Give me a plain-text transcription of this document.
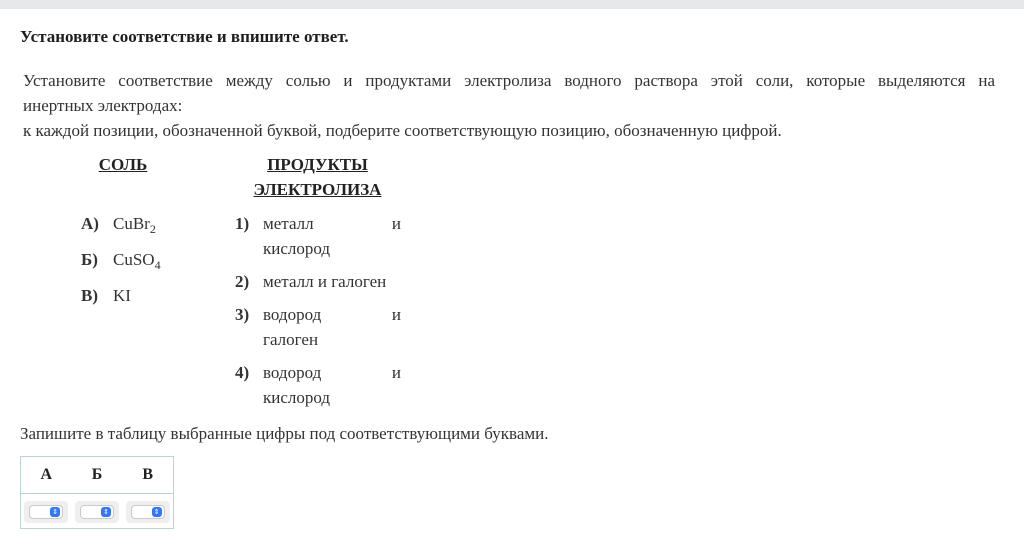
Установите соответствие и впишите ответ.
Установите соответствие между солью и продуктами электролиза водного раствора этой соли, которые выделяются на
инертных электродах:
к каждой позиции, обозначенной буквой, подберите соответствующую позицию, обозначенную цифрой.
СОЛЬ	ПРОДУКТЫ
ЭЛЕКТРОЛИЗА
А) CuBr$_2$
Б) CuSO$_4$
В) KI
1) металл и
кислород
2) металл и галоген
3) водород и
галоген
4) водород и
кислород
Запишите в таблицу выбранные цифры под соответствующими буквами.
А	Б	В
⇕	⇕	⇕
